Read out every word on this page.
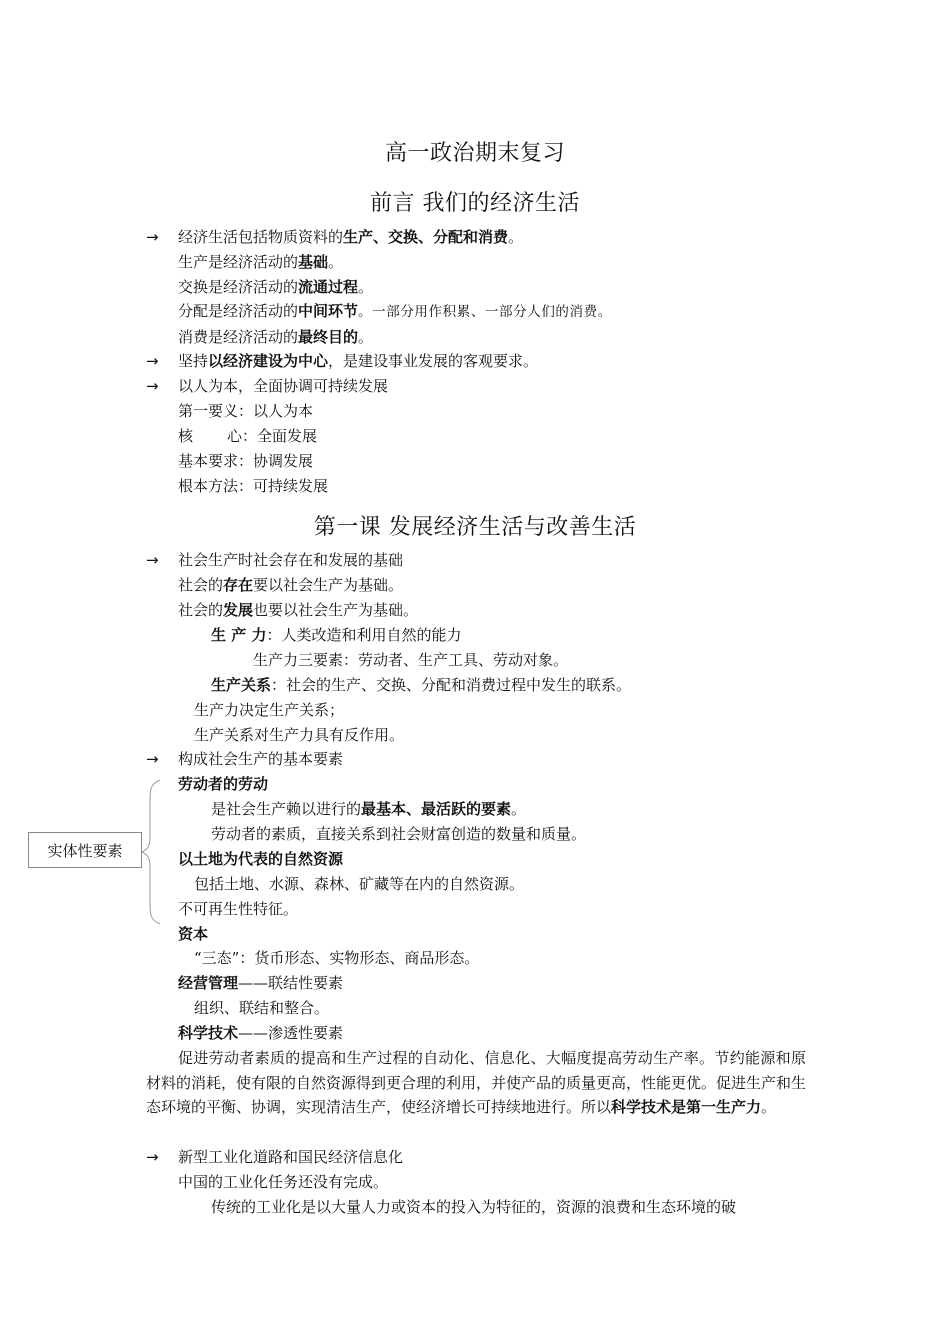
高一政治期末复习
前言 我们的经济生活
→ 经济生活包括物质资料的生产、交换、分配和消费。
生产是经济活动的基础。
交换是经济活动的流通过程。
分配是经济活动的中间环节。一部分用作积累、一部分人们的消费。
消费是经济活动的最终目的。
→ 坚持以经济建设为中心，是建设事业发展的客观要求。
→ 以人为本，全面协调可持续发展
第一要义：以人为本
核 心：全面发展
基本要求：协调发展
根本方法：可持续发展
第一课 发展经济生活与改善生活
→ 社会生产时社会存在和发展的基础
社会的存在要以社会生产为基础。
社会的发展也要以社会生产为基础。
生 产 力：人类改造和利用自然的能力
生产力三要素：劳动者、生产工具、劳动对象。
生产关系：社会的生产、交换、分配和消费过程中发生的联系。
生产力决定生产关系；
生产关系对生产力具有反作用。
→ 构成社会生产的基本要素
实体性要素
劳动者的劳动
是社会生产赖以进行的最基本、最活跃的要素。
劳动者的素质，直接关系到社会财富创造的数量和质量。
以土地为代表的自然资源
包括土地、水源、森林、矿藏等在内的自然资源。
不可再生性特征。
资本
“三态”：货币形态、实物形态、商品形态。
经营管理——联结性要素
组织、联结和整合。
科学技术——渗透性要素
促进劳动者素质的提高和生产过程的自动化、信息化、大幅度提高劳动生产率。节约能源和原材料的消耗，使有限的自然资源得到更合理的利用，并使产品的质量更高，性能更优。促进生产和生态环境的平衡、协调，实现清洁生产，使经济增长可持续地进行。所以科学技术是第一生产力。
→ 新型工业化道路和国民经济信息化
中国的工业化任务还没有完成。
传统的工业化是以大量人力或资本的投入为特征的，资源的浪费和生态环境的破
